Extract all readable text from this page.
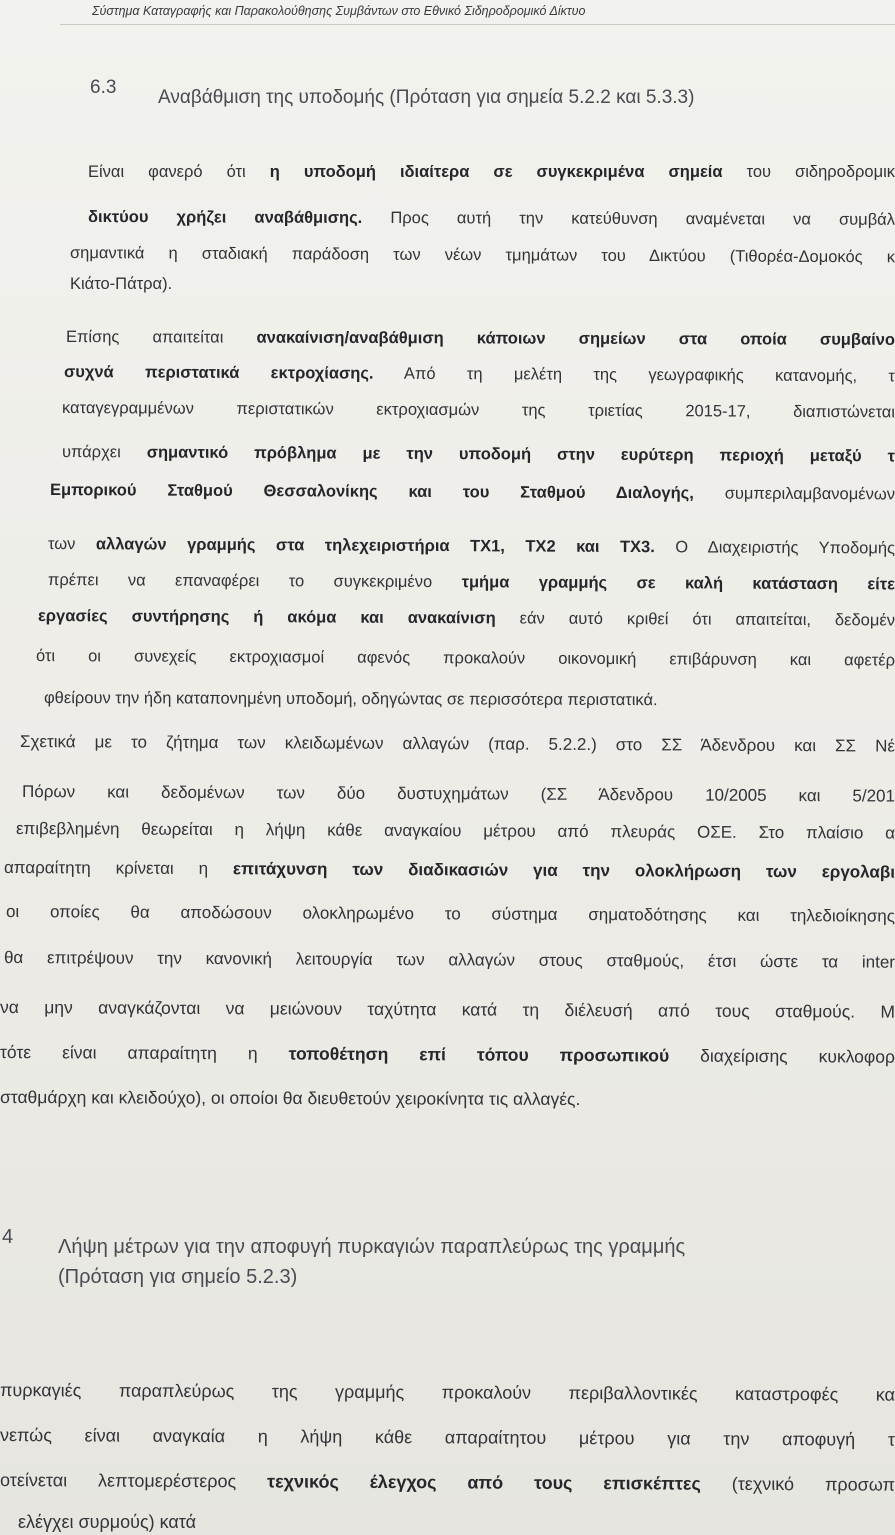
Σύστημα Καταγραφής και Παρακολούθησης Συμβάντων στο Εθνικό Σιδηροδρομικό Δίκτυο
6.3 Αναβάθμιση της υποδομής (Πρόταση για σημεία 5.2.2 και 5.3.3)
Είναι φανερό ότι η υποδομή ιδιαίτερα σε συγκεκριμένα σημεία του σιδηροδρομικ
δικτύου χρήζει αναβάθμισης. Προς αυτή την κατεύθυνση αναμένεται να συμβάλ
σημαντικά η σταδιακή παράδοση των νέων τμημάτων του Δικτύου (Τιθορέα-Δομοκός κ
Κιάτο-Πάτρα).
Επίσης απαιτείται ανακαίνιση/αναβάθμιση κάποιων σημείων στα οποία συμβαίνο
συχνά περιστατικά εκτροχίασης. Από τη μελέτη της γεωγραφικής κατανομής, τ
καταγεγραμμένων περιστατικών εκτροχιασμών της τριετίας 2015-17, διαπιστώνεται
υπάρχει σημαντικό πρόβλημα με την υποδομή στην ευρύτερη περιοχή μεταξύ τ
Εμπορικού Σταθμού Θεσσαλονίκης και του Σταθμού Διαλογής, συμπεριλαμβανομένων
των αλλαγών γραμμής στα τηλεχειριστήρια ΤΧ1, ΤΧ2 και ΤΧ3. Ο Διαχειριστής Υποδομής
πρέπει να επαναφέρει το συγκεκριμένο τμήμα γραμμής σε καλή κατάσταση είτε
εργασίες συντήρησης ή ακόμα και ανακαίνιση εάν αυτό κριθεί ότι απαιτείται, δεδομέν
ότι οι συνεχείς εκτροχιασμοί αφενός προκαλούν οικονομική επιβάρυνση και αφετέρ
φθείρουν την ήδη καταπονημένη υποδομή, οδηγώντας σε περισσότερα περιστατικά.
Σχετικά με το ζήτημα των κλειδωμένων αλλαγών (παρ. 5.2.2.) στο ΣΣ Άδενδρου και ΣΣ Νέ
Πόρων και δεδομένων των δύο δυστυχημάτων (ΣΣ Άδενδρου 10/2005 και 5/201
επιβεβλημένη θεωρείται η λήψη κάθε αναγκαίου μέτρου από πλευράς ΟΣΕ. Στο πλαίσιο α
απαραίτητη κρίνεται η επιτάχυνση των διαδικασιών για την ολοκλήρωση των εργολαβι
οι οποίες θα αποδώσουν ολοκληρωμένο το σύστημα σηματοδότησης και τηλεδιοίκησης
θα επιτρέψουν την κανονική λειτουργία των αλλαγών στους σταθμούς, έτσι ώστε τα inter
να μην αναγκάζονται να μειώνουν ταχύτητα κατά τη διέλευσή από τους σταθμούς. Μ
τότε είναι απαραίτητη η τοποθέτηση επί τόπου προσωπικού διαχείρισης κυκλοφορ
σταθμάρχη και κλειδούχο), οι οποίοι θα διευθετούν χειροκίνητα τις αλλαγές.
4 Λήψη μέτρων για την αποφυγή πυρκαγιών παραπλεύρως της γραμμής
(Πρόταση για σημείο 5.2.3)
πυρκαγιές παραπλεύρως της γραμμής προκαλούν περιβαλλοντικές καταστροφές κα
νεπώς είναι αναγκαία η λήψη κάθε απαραίτητου μέτρου για την αποφυγή τ
οτείνεται λεπτομερέστερος τεχνικός έλεγχος από τους επισκέπτες (τεχνικό προσωπ
ελέγχει συρμούς) κατά
